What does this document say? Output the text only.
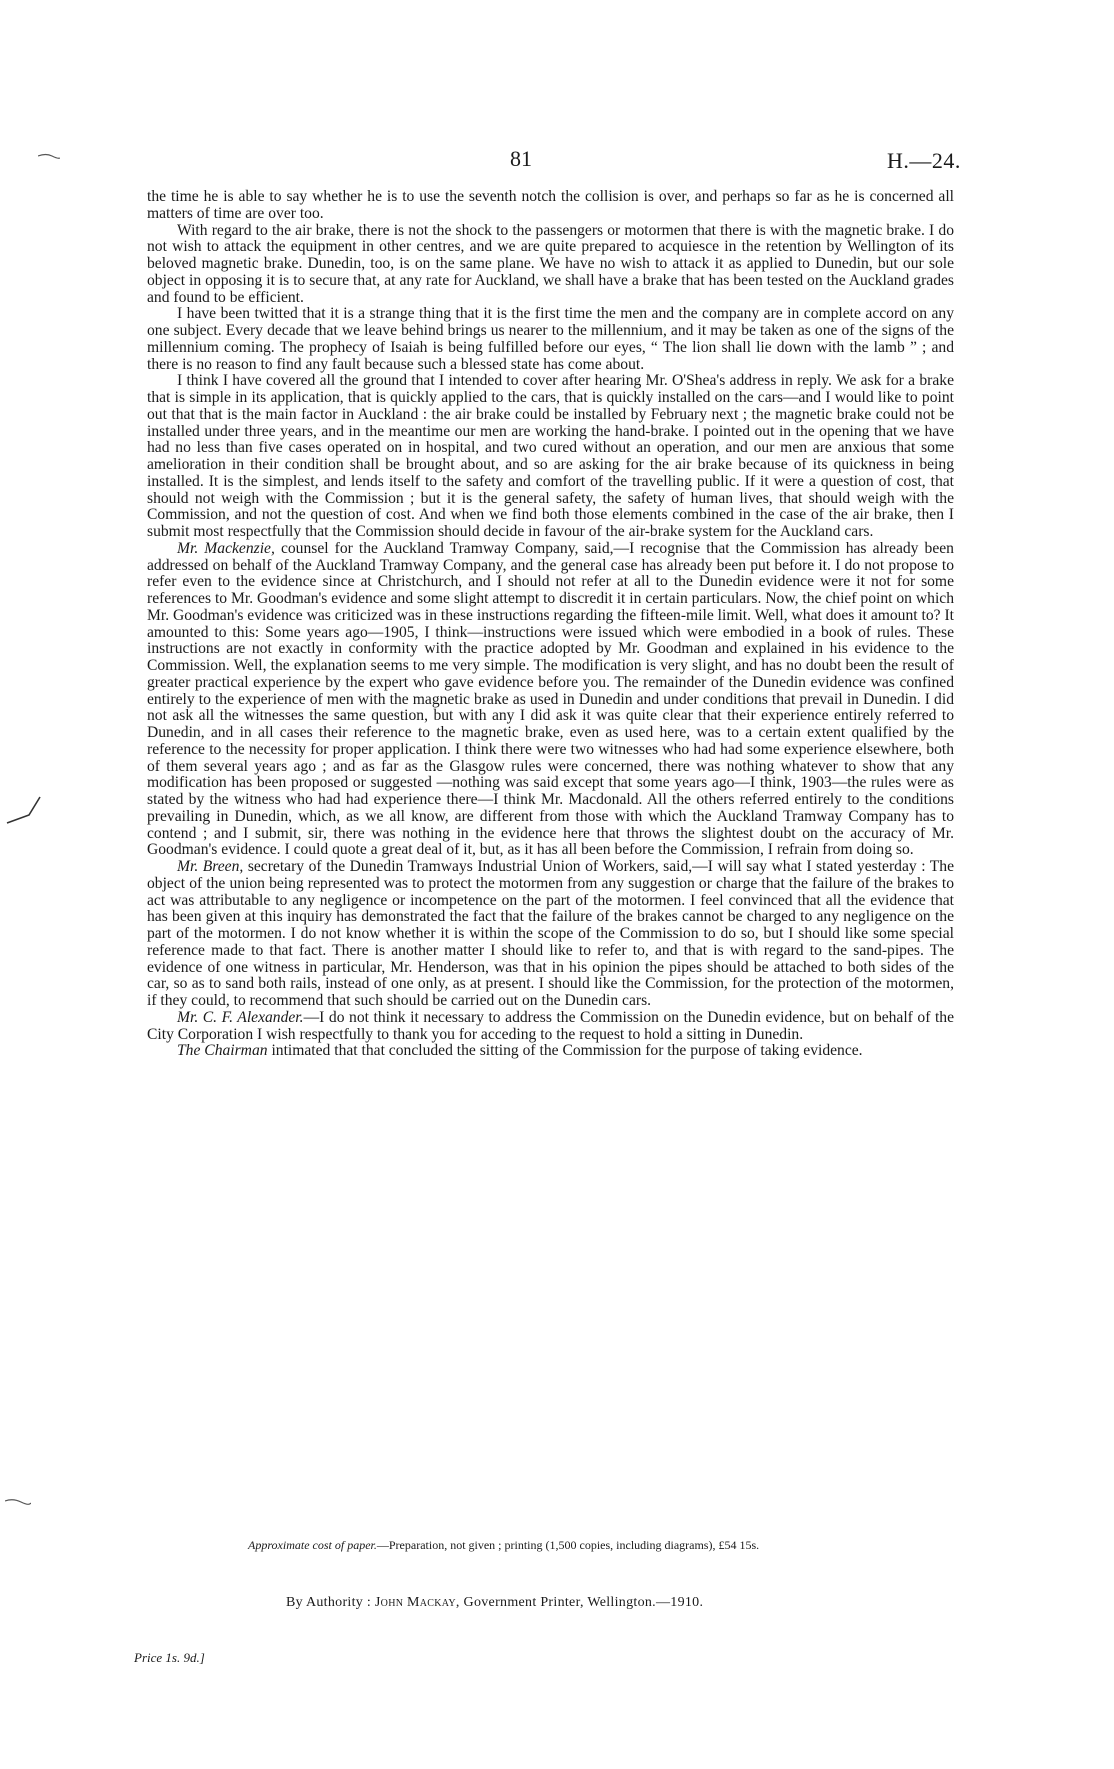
81	H.—24.

the time he is able to say whether he is to use the seventh notch the collision is over, and perhaps so far as he is concerned all matters of time are over too.

With regard to the air brake, there is not the shock to the passengers or motormen that there is with the magnetic brake. I do not wish to attack the equipment in other centres, and we are quite prepared to acquiesce in the retention by Wellington of its beloved magnetic brake. Dunedin, too, is on the same plane. We have no wish to attack it as applied to Dunedin, but our sole object in opposing it is to secure that, at any rate for Auckland, we shall have a brake that has been tested on the Auckland grades and found to be efficient.

I have been twitted that it is a strange thing that it is the first time the men and the company are in complete accord on any one subject. Every decade that we leave behind brings us nearer to the millennium, and it may be taken as one of the signs of the millennium coming. The prophecy of Isaiah is being fulfilled before our eyes, “ The lion shall lie down with the lamb ” ; and there is no reason to find any fault because such a blessed state has come about.

I think I have covered all the ground that I intended to cover after hearing Mr. O'Shea's address in reply. We ask for a brake that is simple in its application, that is quickly applied to the cars, that is quickly installed on the cars—and I would like to point out that that is the main factor in Auckland : the air brake could be installed by February next ; the magnetic brake could not be installed under three years, and in the meantime our men are working the hand-brake. I pointed out in the opening that we have had no less than five cases operated on in hospital, and two cured without an operation, and our men are anxious that some amelioration in their condition shall be brought about, and so are asking for the air brake because of its quickness in being installed. It is the simplest, and lends itself to the safety and comfort of the travelling public. If it were a question of cost, that should not weigh with the Commission ; but it is the general safety, the safety of human lives, that should weigh with the Commission, and not the question of cost. And when we find both those elements combined in the case of the air brake, then I submit most respectfully that the Commission should decide in favour of the air-brake system for the Auckland cars.

Mr. Mackenzie, counsel for the Auckland Tramway Company, said,—I recognise that the Commission has already been addressed on behalf of the Auckland Tramway Company, and the general case has already been put before it. I do not propose to refer even to the evidence since at Christchurch, and I should not refer at all to the Dunedin evidence were it not for some references to Mr. Goodman's evidence and some slight attempt to discredit it in certain particulars. Now, the chief point on which Mr. Goodman's evidence was criticized was in these instructions regarding the fifteen-mile limit. Well, what does it amount to? It amounted to this: Some years ago—1905, I think—instructions were issued which were embodied in a book of rules. These instructions are not exactly in conformity with the practice adopted by Mr. Goodman and explained in his evidence to the Commission. Well, the explanation seems to me very simple. The modification is very slight, and has no doubt been the result of greater practical experience by the expert who gave evidence before you. The remainder of the Dunedin evidence was confined entirely to the experience of men with the magnetic brake as used in Dunedin and under conditions that prevail in Dunedin. I did not ask all the witnesses the same question, but with any I did ask it was quite clear that their experience entirely referred to Dunedin, and in all cases their reference to the magnetic brake, even as used here, was to a certain extent qualified by the reference to the necessity for proper application. I think there were two witnesses who had had some experience elsewhere, both of them several years ago ; and as far as the Glasgow rules were concerned, there was nothing whatever to show that any modification has been proposed or suggested —nothing was said except that some years ago—I think, 1903—the rules were as stated by the witness who had had experience there—I think Mr. Macdonald. All the others referred entirely to the conditions prevailing in Dunedin, which, as we all know, are different from those with which the Auckland Tramway Company has to contend ; and I submit, sir, there was nothing in the evidence here that throws the slightest doubt on the accuracy of Mr. Goodman's evidence. I could quote a great deal of it, but, as it has all been before the Commission, I refrain from doing so.

Mr. Breen, secretary of the Dunedin Tramways Industrial Union of Workers, said,—I will say what I stated yesterday : The object of the union being represented was to protect the motormen from any suggestion or charge that the failure of the brakes to act was attributable to any negligence or incompetence on the part of the motormen. I feel convinced that all the evidence that has been given at this inquiry has demonstrated the fact that the failure of the brakes cannot be charged to any negligence on the part of the motormen. I do not know whether it is within the scope of the Commission to do so, but I should like some special reference made to that fact. There is another matter I should like to refer to, and that is with regard to the sand-pipes. The evidence of one witness in particular, Mr. Henderson, was that in his opinion the pipes should be attached to both sides of the car, so as to sand both rails, instead of one only, as at present. I should like the Commission, for the protection of the motormen, if they could, to recommend that such should be carried out on the Dunedin cars.

Mr. C. F. Alexander.—I do not think it necessary to address the Commission on the Dunedin evidence, but on behalf of the City Corporation I wish respectfully to thank you for acceding to the request to hold a sitting in Dunedin.

The Chairman intimated that that concluded the sitting of the Commission for the purpose of taking evidence.

Approximate cost of paper.—Preparation, not given ; printing (1,500 copies, including diagrams), £54 15s.
By Authority : John Mackay, Government Printer, Wellington.—1910.
Price 1s. 9d.]
